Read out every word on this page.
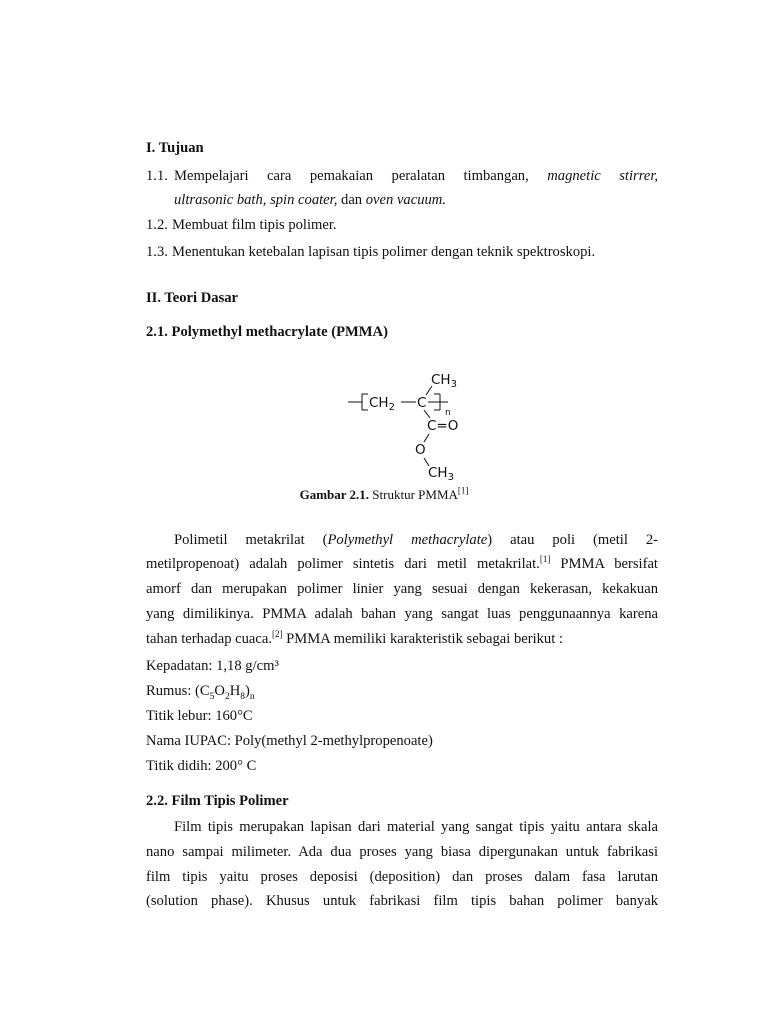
I. Tujuan
1.1. Mempelajari cara pemakaian peralatan timbangan, magnetic stirrer,
ultrasonic bath, spin coater, dan oven vacuum.
1.2. Membuat film tipis polimer.
1.3. Menentukan ketebalan lapisan tipis polimer dengan teknik spektroskopi.
II. Teori Dasar
2.1. Polymethyl methacrylate (PMMA)
$CH_3$
$CH_2$ C
n
C=O
O
$CH_3$
Gambar 2.1. Struktur PMMA[1]
Polimetil metakrilat (Polymethyl methacrylate) atau poli (metil 2-
metilpropenoat) adalah polimer sintetis dari metil metakrilat.[1] PMMA bersifat
amorf dan merupakan polimer linier yang sesuai dengan kekerasan, kekakuan
yang dimilikinya. PMMA adalah bahan yang sangat luas penggunaannya karena
tahan terhadap cuaca.[2] PMMA memiliki karakteristik sebagai berikut :
Kepadatan: 1,18 g/cm³
Rumus: $(C_5O_2H_8)_n$
Titik lebur: 160°C
Nama IUPAC: Poly(methyl 2-methylpropenoate)
Titik didih: 200° C
2.2. Film Tipis Polimer
Film tipis merupakan lapisan dari material yang sangat tipis yaitu antara skala
nano sampai milimeter. Ada dua proses yang biasa dipergunakan untuk fabrikasi
film tipis yaitu proses deposisi (deposition) dan proses dalam fasa larutan
(solution phase). Khusus untuk fabrikasi film tipis bahan polimer banyak
